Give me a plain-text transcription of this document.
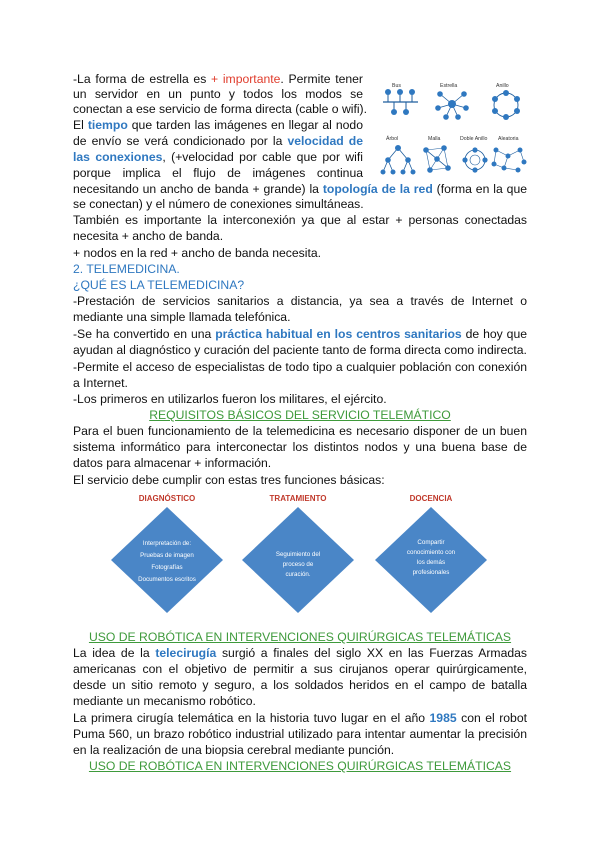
-La forma de estrella es + importante. Permite tener

un servidor en un punto y todos los modos se

conectan a ese servicio de forma directa (cable o wifi).

El tiempo que tarden las imágenes en llegar al nodo

de envío se verá condicionado por la velocidad de

las conexiones, (+velocidad por cable que por wifi

porque implica el flujo de imágenes continua

necesitando un ancho de banda + grande) la topología de la red (forma en la que

se conectan) y el número de conexiones simultáneas.

También es importante la interconexión ya que al estar + personas conectadas

necesita + ancho de banda.

+ nodos en la red + ancho de banda necesita.

Bus	Estrella	Anillo
Árbol	Malla	Doble Anillo Aleatoria

2. TELEMEDICINA.

¿QUÉ ES LA TELEMEDICINA?

-Prestación de servicios sanitarios a distancia, ya sea a través de Internet o

mediante una simple llamada telefónica.

-Se ha convertido en una práctica habitual en los centros sanitarios de hoy que

ayudan al diagnóstico y curación del paciente tanto de forma directa como indirecta.

-Permite el acceso de especialistas de todo tipo a cualquier población con conexión

a Internet.

-Los primeros en utilizarlos fueron los militares, el ejército.

REQUISITOS BÁSICOS DEL SERVICIO TELEMÁTICO

Para el buen funcionamiento de la telemedicina es necesario disponer de un buen

sistema informático para interconectar los distintos nodos y una buena base de

datos para almacenar + información.

El servicio debe cumplir con estas tres funciones básicas:

DIAGNÓSTICO
Interpretación de:
Pruebas de imagen
Fotografías
Documentos escritos
TRATAMIENTO
Seguimiento del
proceso de
curación.
DOCENCIA
Compartir
conocimiento con
los demás
profesionales

USO DE ROBÓTICA EN INTERVENCIONES QUIRÚRGICAS TELEMÁTICAS

La idea de la telecirugía surgió a finales del siglo XX en las Fuerzas Armadas

americanas con el objetivo de permitir a sus cirujanos operar quirúrgicamente,

desde un sitio remoto y seguro, a los soldados heridos en el campo de batalla

mediante un mecanismo robótico.

La primera cirugía telemática en la historia tuvo lugar en el año 1985 con el robot

Puma 560, un brazo robótico industrial utilizado para intentar aumentar la precisión

en la realización de una biopsia cerebral mediante punción.

USO DE ROBÓTICA EN INTERVENCIONES QUIRÚRGICAS TELEMÁTICAS
